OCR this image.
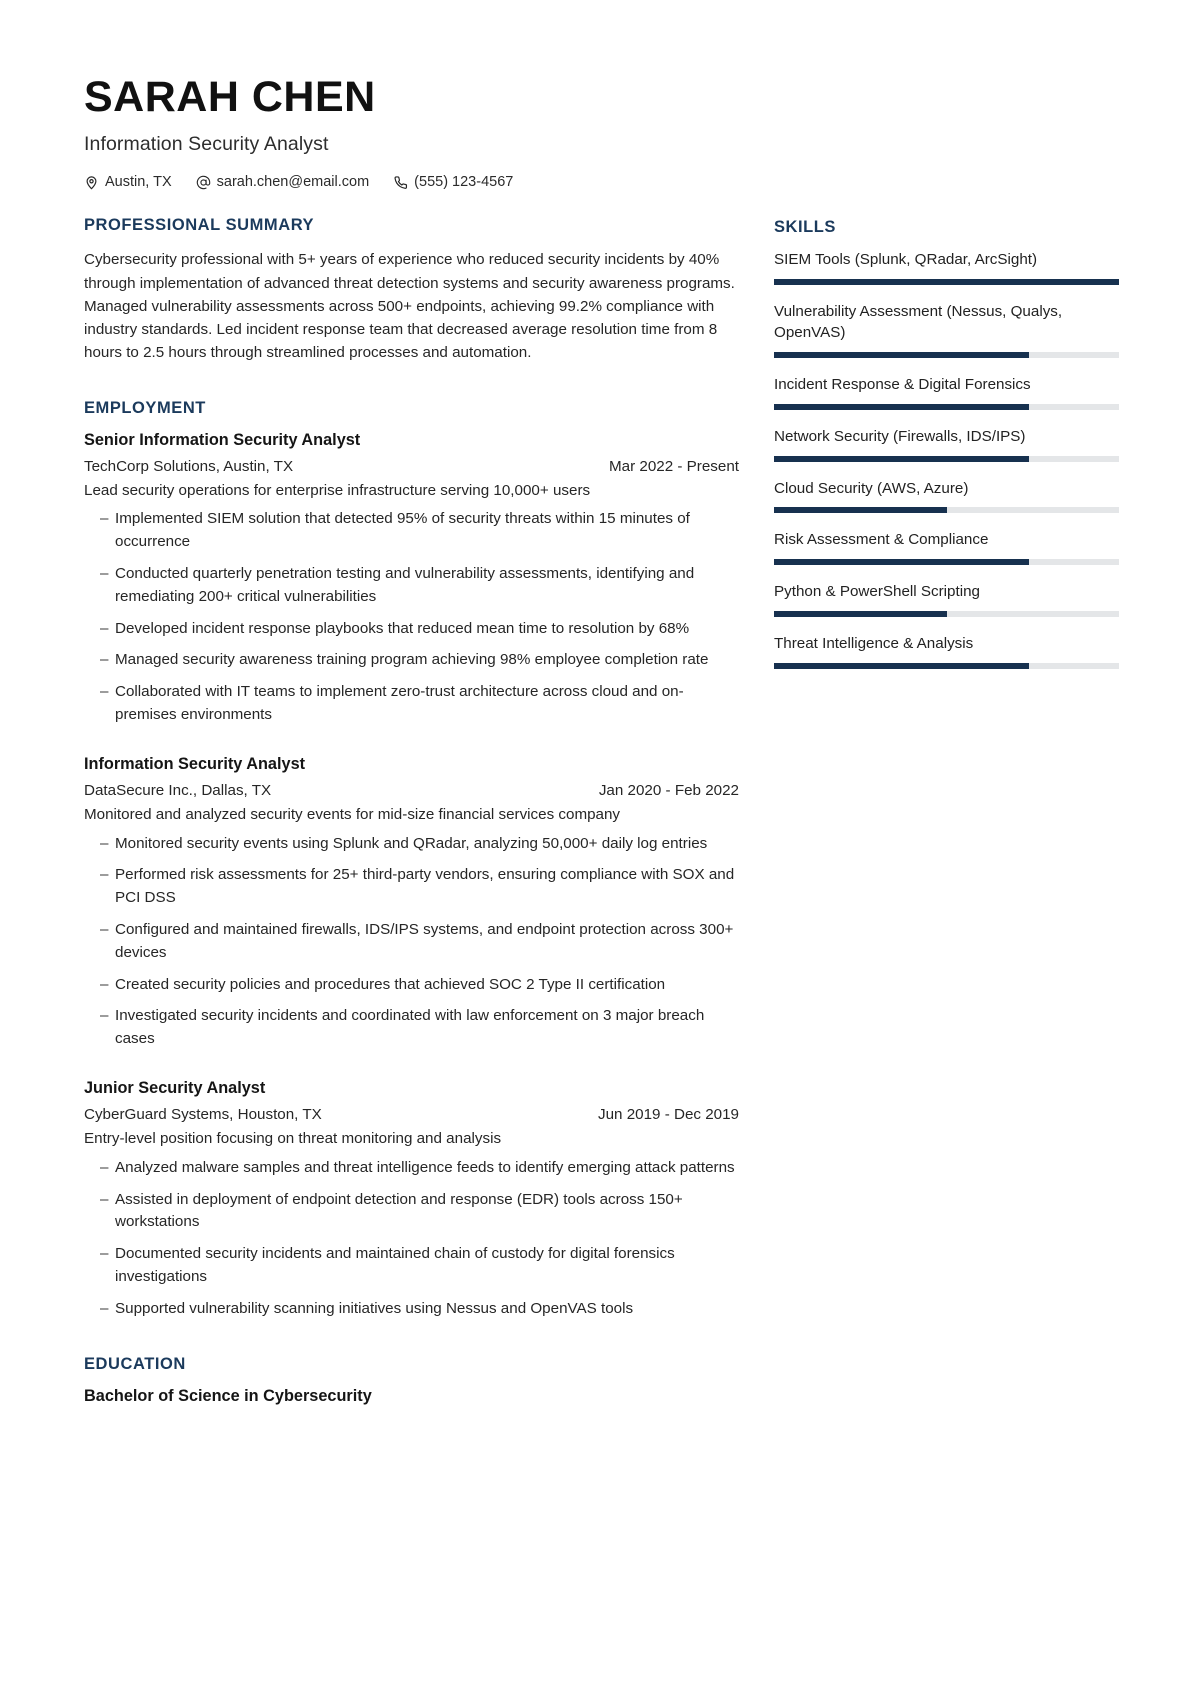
SARAH CHEN
Information Security Analyst
Austin, TX	sarah.chen@email.com	(555) 123-4567
PROFESSIONAL SUMMARY
Cybersecurity professional with 5+ years of experience who reduced security incidents by 40% through implementation of advanced threat detection systems and security awareness programs. Managed vulnerability assessments across 500+ endpoints, achieving 99.2% compliance with industry standards. Led incident response team that decreased average resolution time from 8 hours to 2.5 hours through streamlined processes and automation.
EMPLOYMENT
Senior Information Security Analyst
TechCorp Solutions, Austin, TX	Mar 2022 - Present
Lead security operations for enterprise infrastructure serving 10,000+ users
– Implemented SIEM solution that detected 95% of security threats within 15 minutes of occurrence
– Conducted quarterly penetration testing and vulnerability assessments, identifying and remediating 200+ critical vulnerabilities
– Developed incident response playbooks that reduced mean time to resolution by 68%
– Managed security awareness training program achieving 98% employee completion rate
– Collaborated with IT teams to implement zero-trust architecture across cloud and on-premises environments
Information Security Analyst
DataSecure Inc., Dallas, TX	Jan 2020 - Feb 2022
Monitored and analyzed security events for mid-size financial services company
– Monitored security events using Splunk and QRadar, analyzing 50,000+ daily log entries
– Performed risk assessments for 25+ third-party vendors, ensuring compliance with SOX and PCI DSS
– Configured and maintained firewalls, IDS/IPS systems, and endpoint protection across 300+ devices
– Created security policies and procedures that achieved SOC 2 Type II certification
– Investigated security incidents and coordinated with law enforcement on 3 major breach cases
Junior Security Analyst
CyberGuard Systems, Houston, TX	Jun 2019 - Dec 2019
Entry-level position focusing on threat monitoring and analysis
– Analyzed malware samples and threat intelligence feeds to identify emerging attack patterns
– Assisted in deployment of endpoint detection and response (EDR) tools across 150+ workstations
– Documented security incidents and maintained chain of custody for digital forensics investigations
– Supported vulnerability scanning initiatives using Nessus and OpenVAS tools
EDUCATION
Bachelor of Science in Cybersecurity
SKILLS
SIEM Tools (Splunk, QRadar, ArcSight)
Vulnerability Assessment (Nessus, Qualys, OpenVAS)
Incident Response & Digital Forensics
Network Security (Firewalls, IDS/IPS)
Cloud Security (AWS, Azure)
Risk Assessment & Compliance
Python & PowerShell Scripting
Threat Intelligence & Analysis
